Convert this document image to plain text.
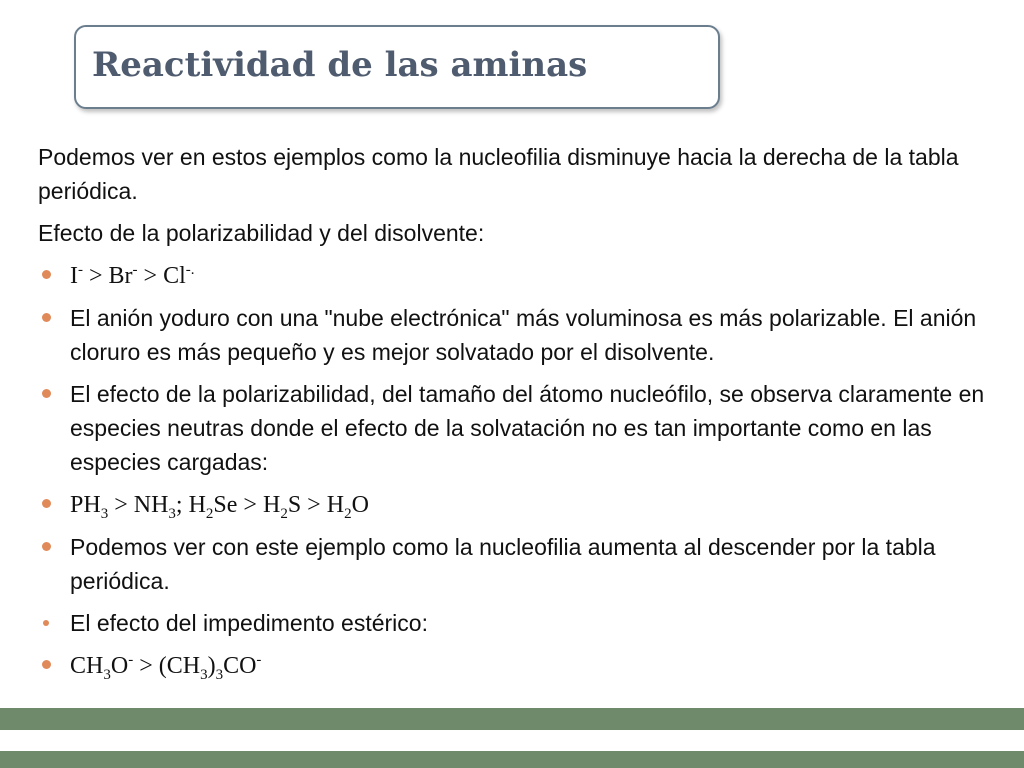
Reactividad de las aminas

Podemos ver en estos ejemplos como la nucleofilia disminuye hacia la derecha de la tabla periódica.

Efecto de la polarizabilidad y del disolvente:

I- > Br- > Cl-.
El anión yoduro con una "nube electrónica" más voluminosa es más polarizable. El anión cloruro es más pequeño y es mejor solvatado por el disolvente.
El efecto de la polarizabilidad, del tamaño del átomo nucleófilo, se observa claramente en especies neutras donde el efecto de la solvatación no es tan importante como en las especies cargadas:
$PH_3 > NH_3$; $H_2Se > H_2S > H_2O$
Podemos ver con este ejemplo como la nucleofilia aumenta al descender por la tabla periódica.
El efecto del impedimento estérico:
$CH_3O^- > (CH_3)_3CO^-$
